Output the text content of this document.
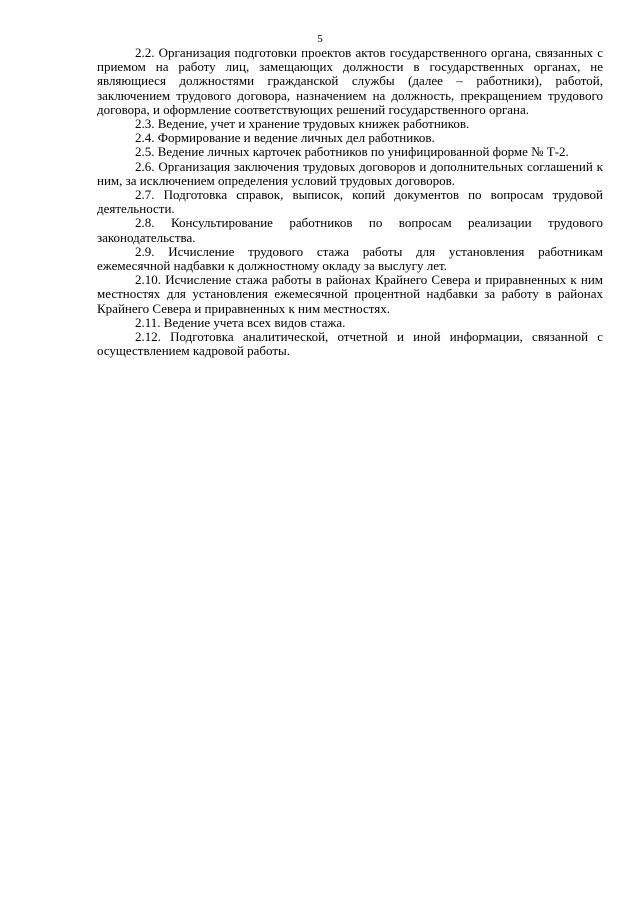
5

2.2. Организация подготовки проектов актов государственного органа, связанных с приемом на работу лиц, замещающих должности в государственных органах, не являющиеся должностями гражданской службы (далее – работники), работой, заключением трудового договора, назначением на должность, прекращением трудового договора, и оформление соответствующих решений государственного органа.

2.3. Ведение, учет и хранение трудовых книжек работников.

2.4. Формирование и ведение личных дел работников.

2.5. Ведение личных карточек работников по унифицированной форме № Т-2.

2.6. Организация заключения трудовых договоров и дополнительных соглашений к ним, за исключением определения условий трудовых договоров.

2.7. Подготовка справок, выписок, копий документов по вопросам трудовой деятельности.

2.8. Консультирование работников по вопросам реализации трудового законодательства.

2.9. Исчисление трудового стажа работы для установления работникам ежемесячной надбавки к должностному окладу за выслугу лет.

2.10. Исчисление стажа работы в районах Крайнего Севера и приравненных к ним местностях для установления ежемесячной процентной надбавки за работу в районах Крайнего Севера и приравненных к ним местностях.

2.11. Ведение учета всех видов стажа.

2.12. Подготовка аналитической, отчетной и иной информации, связанной с осуществлением кадровой работы.
